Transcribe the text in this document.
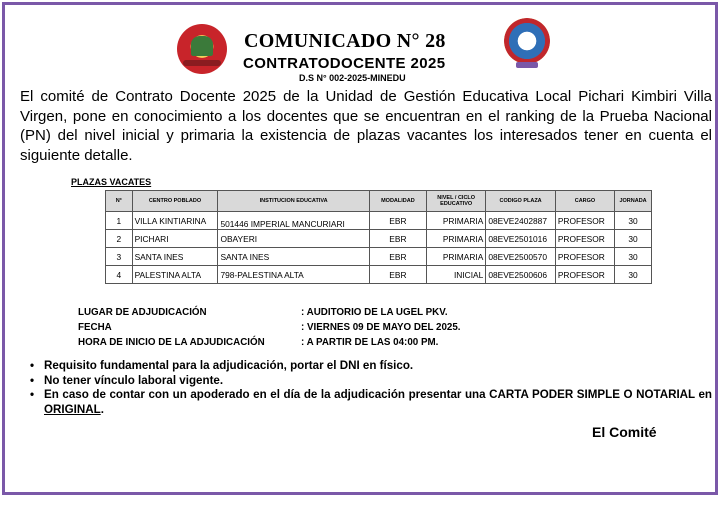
COMUNICADO N° 28
CONTRATODOCENTE 2025
D.S N° 002-2025-MINEDU
El comité de Contrato Docente 2025 de la Unidad de Gestión Educativa Local Pichari Kimbiri Villa Virgen, pone en conocimiento a los docentes que se encuentran en el ranking de la Prueba Nacional (PN) del nivel inicial y primaria la existencia de plazas vacantes los interesados tener en cuenta el siguiente detalle.
PLAZAS VACATES
N°	CENTRO POBLADO	INSTITUCION EDUCATIVA	MODALIDAD	NIVEL / CICLO EDUCATIVO	CODIGO PLAZA	CARGO	JORNADA
1	VILLA KINTIARINA	501446 IMPERIAL MANCURIARI	EBR	PRIMARIA	08EVE2402887	PROFESOR	30
2	PICHARI	OBAYERI	EBR	PRIMARIA	08EVE2501016	PROFESOR	30
3	SANTA INES	SANTA INES	EBR	PRIMARIA	08EVE2500570	PROFESOR	30
4	PALESTINA ALTA	798-PALESTINA ALTA	EBR	INICIAL	08EVE2500606	PROFESOR	30
LUGAR DE ADJUDICACIÓN	: AUDITORIO DE LA UGEL PKV.
FECHA	: VIERNES 09 DE MAYO DEL 2025.
HORA DE INICIO DE LA ADJUDICACIÓN	: A PARTIR DE LAS 04:00 PM.
• Requisito fundamental para la adjudicación, portar el DNI en físico.
• No tener vínculo laboral vigente.
• En caso de contar con un apoderado en el día de la adjudicación presentar una CARTA PODER SIMPLE O NOTARIAL en ORIGINAL.
El Comité
